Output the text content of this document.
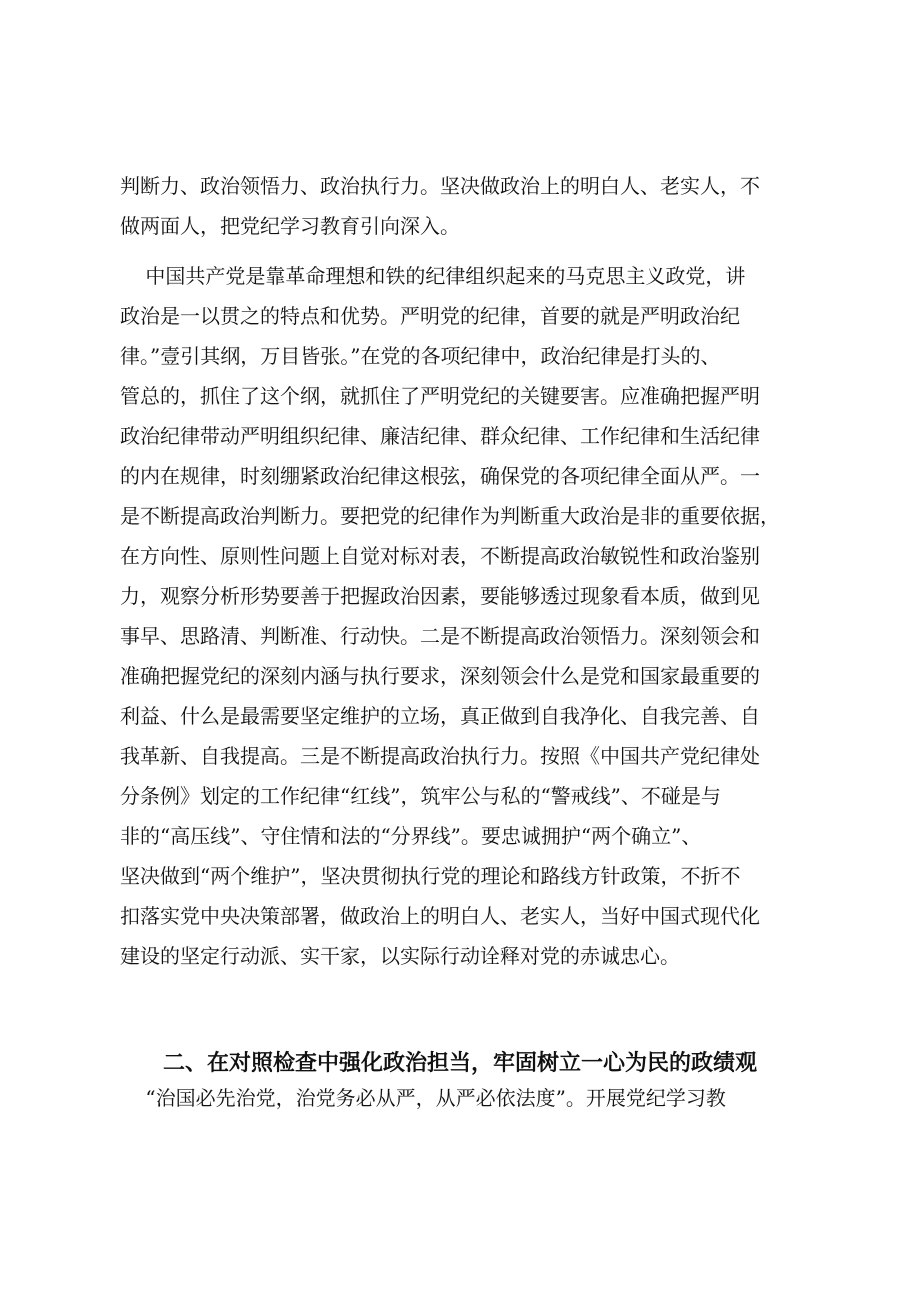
判断力、政治领悟力、政治执行力。坚决做政治上的明白人、老实人，不
做两面人，把党纪学习教育引向深入。
中国共产党是靠革命理想和铁的纪律组织起来的马克思主义政党，讲
政治是一以贯之的特点和优势。严明党的纪律，首要的就是严明政治纪
律。”壹引其纲，万目皆张。”在党的各项纪律中，政治纪律是打头的、
管总的，抓住了这个纲，就抓住了严明党纪的关键要害。应准确把握严明
政治纪律带动严明组织纪律、廉洁纪律、群众纪律、工作纪律和生活纪律
的内在规律，时刻绷紧政治纪律这根弦，确保党的各项纪律全面从严。一
是不断提高政治判断力。要把党的纪律作为判断重大政治是非的重要依据，
在方向性、原则性问题上自觉对标对表，不断提高政治敏锐性和政治鉴别
力，观察分析形势要善于把握政治因素，要能够透过现象看本质，做到见
事早、思路清、判断准、行动快。二是不断提高政治领悟力。深刻领会和
准确把握党纪的深刻内涵与执行要求，深刻领会什么是党和国家最重要的
利益、什么是最需要坚定维护的立场，真正做到自我净化、自我完善、自
我革新、自我提高。三是不断提高政治执行力。按照《中国共产党纪律处
分条例》划定的工作纪律“红线”，筑牢公与私的“警戒线”、不碰是与
非的“高压线”、守住情和法的“分界线”。要忠诚拥护“两个确立”、
坚决做到“两个维护”，坚决贯彻执行党的理论和路线方针政策，不折不
扣落实党中央决策部署，做政治上的明白人、老实人，当好中国式现代化
建设的坚定行动派、实干家，以实际行动诠释对党的赤诚忠心。
二、在对照检查中强化政治担当，牢固树立一心为民的政绩观
“治国必先治党，治党务必从严，从严必依法度”。开展党纪学习教
